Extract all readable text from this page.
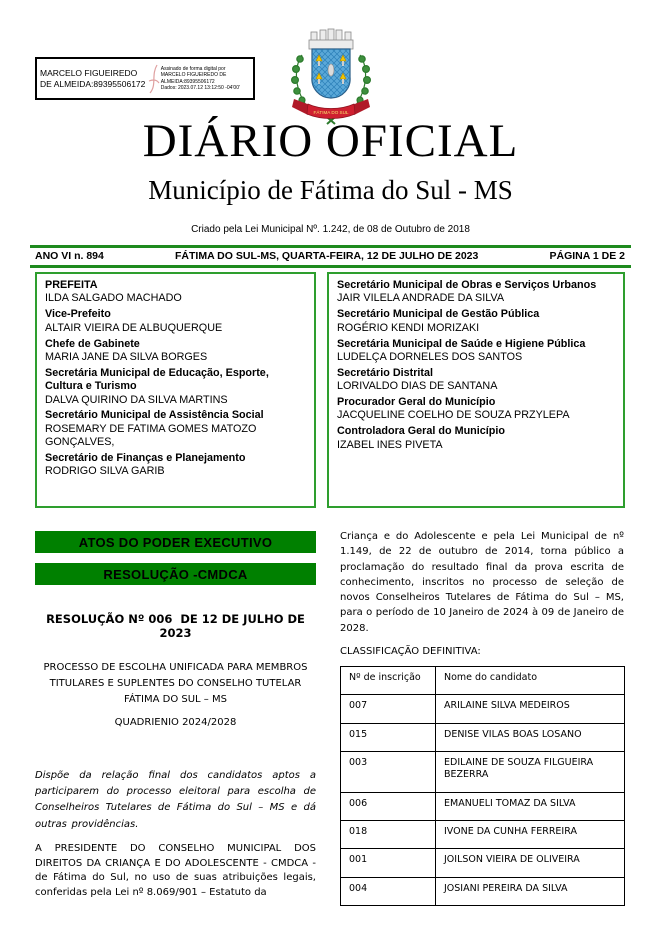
MARCELO FIGUEIREDO DE ALMEIDA:89395506172
Assinado de forma digital por
MARCELO FIGUEIREDO DE
ALMEIDA:89395506172
Dados: 2023.07.12 13:12:50 -04'00'
FÁTIMA DO SUL
DIÁRIO OFICIAL
Município de Fátima do Sul - MS
Criado pela Lei Municipal Nº. 1.242, de 08 de Outubro de 2018
ANO VI n. 894	FÁTIMA DO SUL-MS, QUARTA-FEIRA, 12 DE JULHO DE 2023	PÁGINA 1 DE 2
PREFEITA
ILDA SALGADO MACHADO
Vice-Prefeito
ALTAIR VIEIRA DE ALBUQUERQUE
Chefe de Gabinete
MARIA JANE DA SILVA BORGES
Secretária Municipal de Educação, Esporte, Cultura e Turismo
DALVA QUIRINO DA SILVA MARTINS
Secretário Municipal de Assistência Social
ROSEMARY DE FATIMA GOMES MATOZO GONÇALVES,
Secretário de Finanças e Planejamento
RODRIGO SILVA GARIB
Secretário Municipal de Obras e Serviços Urbanos
JAIR VILELA ANDRADE DA SILVA
Secretário Municipal de Gestão Pública
ROGÉRIO KENDI MORIZAKI
Secretária Municipal de Saúde e Higiene Pública
LUDELÇA DORNELES DOS SANTOS
Secretário Distrital
LORIVALDO DIAS DE SANTANA
Procurador Geral do Município
JACQUELINE COELHO DE SOUZA PRZYLEPA
Controladora Geral do Município
IZABEL INES PIVETA
ATOS DO PODER EXECUTIVO
RESOLUÇÃO -CMDCA
RESOLUÇÃO Nº 006  DE 12 DE JULHO DE 2023
PROCESSO DE ESCOLHA UNIFICADA PARA MEMBROS TITULARES E SUPLENTES DO CONSELHO TUTELAR FÁTIMA DO SUL – MS
QUADRIENIO 2024/2028
Dispõe da relação final dos candidatos aptos a participarem do processo eleitoral para escolha de Conselheiros Tutelares de Fátima do Sul – MS e dá outras providências.
A PRESIDENTE DO CONSELHO MUNICIPAL DOS DIREITOS DA CRIANÇA E DO ADOLESCENTE - CMDCA - de Fátima do Sul, no uso de suas atribuições legais, conferidas pela Lei nº 8.069/901 – Estatuto da
Criança e do Adolescente e pela Lei Municipal de nº 1.149, de 22 de outubro de 2014, torna público a proclamação do resultado final da prova escrita de conhecimento, inscritos no processo de seleção de novos Conselheiros Tutelares de Fátima do Sul – MS, para o período de 10 Janeiro de 2024 à 09 de Janeiro de 2028.
CLASSIFICAÇÃO DEFINITIVA:
Nº de inscrição	Nome do candidato
007	ARILAINE SILVA MEDEIROS
015	DENISE VILAS BOAS LOSANO
003	EDILAINE DE SOUZA FILGUEIRA BEZERRA
006	EMANUELI TOMAZ DA SILVA
018	IVONE DA CUNHA FERREIRA
001	JOILSON VIEIRA DE OLIVEIRA
004	JOSIANI PEREIRA DA SILVA
